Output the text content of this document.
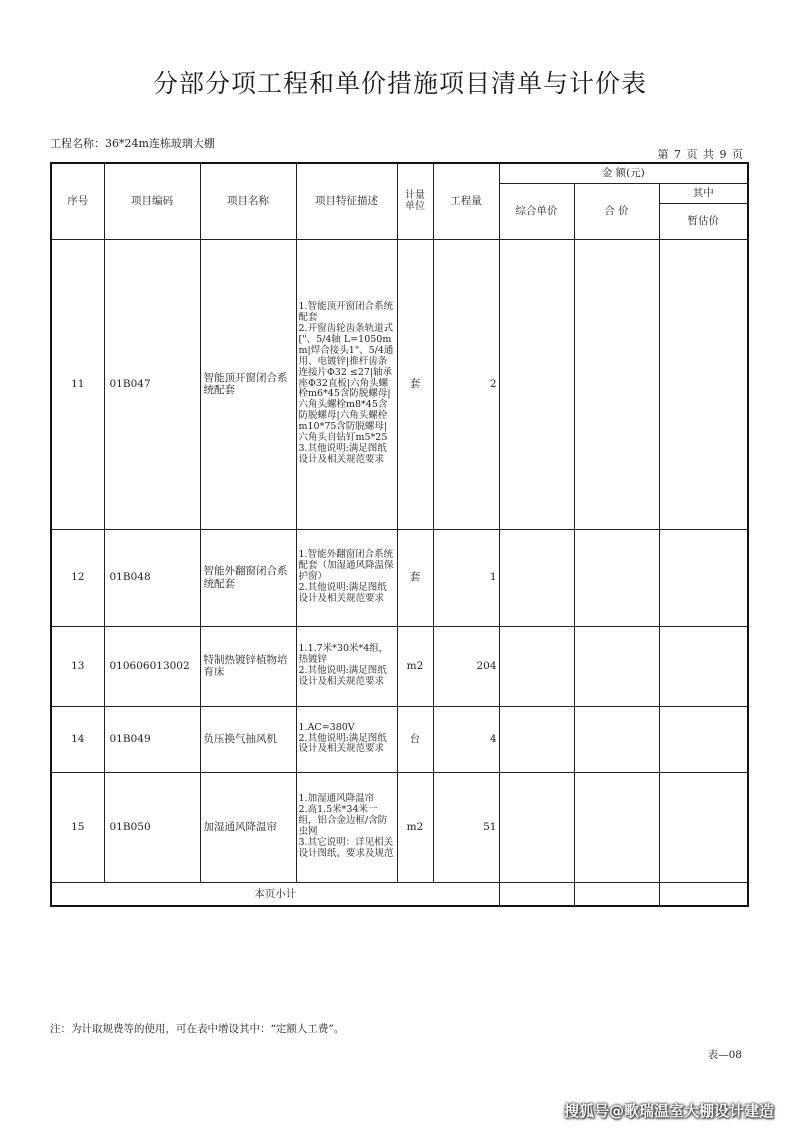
分部分项工程和单价措施项目清单与计价表
工程名称：36*24m连栋玻璃大棚
第 7 页 共 9 页
序号	项目编码	项目名称	项目特征描述	计量单位	工程量	金 额(元)		
						综合单价	合 价	其中
								暂估价
11	01B047	智能顶开窗闭合系统配套	1.智能顶开窗闭合系统配套
2.开窗齿轮齿条轨道式["、5/4轴 L=1050mm|焊合接头1"、5/4通用、电镀锌|推杆齿条连接片Φ32 ≤27|轴承座Φ32直板|六角头螺栓m6*45含防脱螺母|六角头螺栓m8*45含防脱螺母|六角头螺栓m10*75含防脱螺母|六角头自钻钉m5*25
3.其他说明:满足图纸设计及相关规范要求	套	2			
12	01B048	智能外翻窗闭合系统配套	1.智能外翻窗闭合系统配套（加湿通风降温保护窗）
2.其他说明:满足图纸设计及相关规范要求	套	1			
13	010606013002	特制热镀锌植物培育床	1.1.7米*30米*4组，热镀锌
2.其他说明:满足图纸设计及相关规范要求	m2	204			
14	01B049	负压换气抽风机	1.AC=380V
2.其他说明:满足图纸设计及相关规范要求	台	4			
15	01B050	加湿通风降温帘	1.加湿通风降温帘
2.高1.5米*34米一组，铝合金边框/含防虫网
3.其它说明：详见相关设计图纸、要求及规范	m2	51			
本页小计								
注：为计取规费等的使用，可在表中增设其中：“定额人工费”。
表—08
搜狐号@歌瑞温室大棚设计建造
